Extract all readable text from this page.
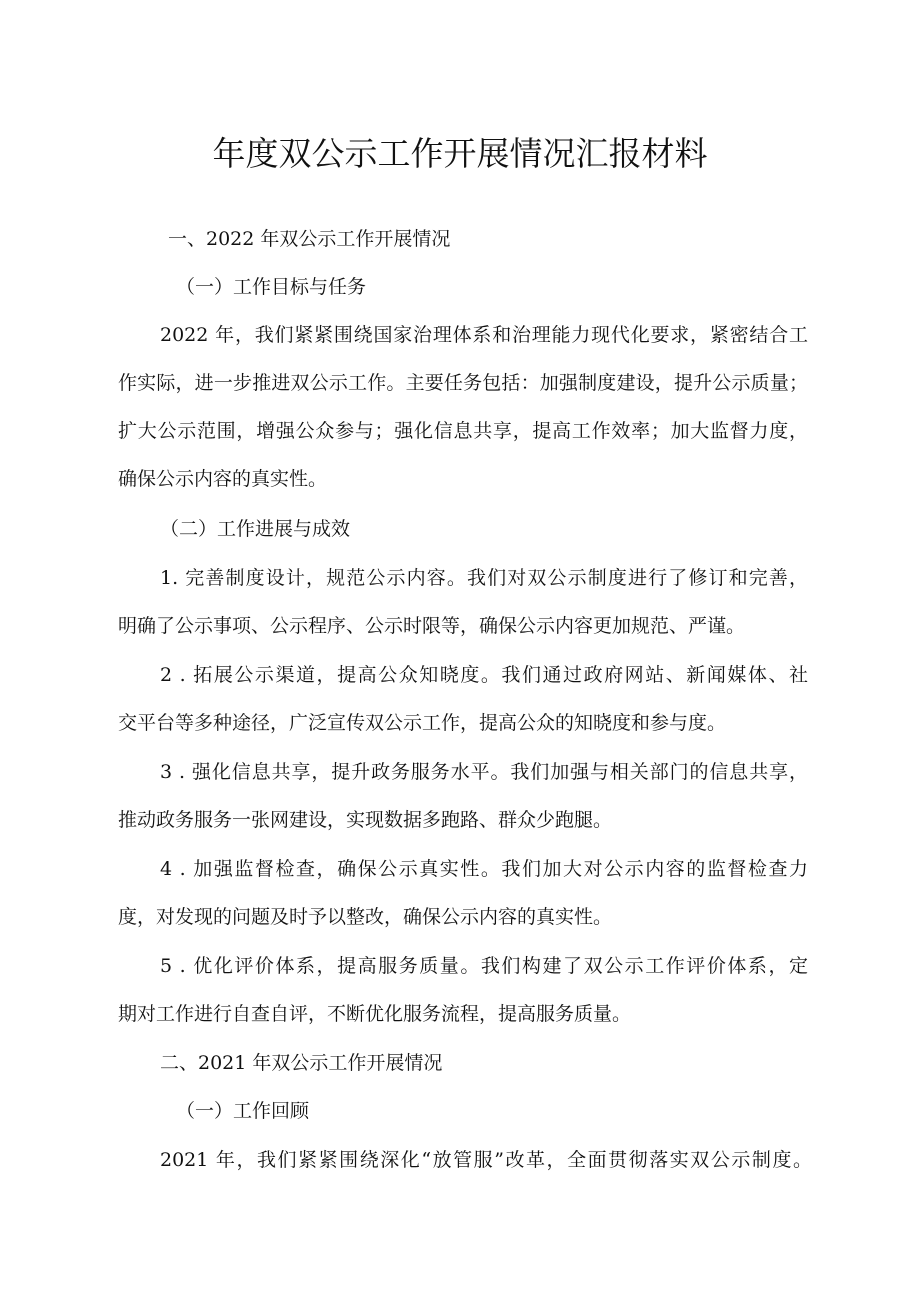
年度双公示工作开展情况汇报材料
一、2022 年双公示工作开展情况
（一）工作目标与任务
2022 年，我们紧紧围绕国家治理体系和治理能力现代化要求，紧密结合工
作实际，进一步推进双公示工作。主要任务包括：加强制度建设，提升公示质量；
扩大公示范围，增强公众参与；强化信息共享，提高工作效率；加大监督力度，
确保公示内容的真实性。
（二）工作进展与成效
1. 完善制度设计，规范公示内容。我们对双公示制度进行了修订和完善，
明确了公示事项、公示程序、公示时限等，确保公示内容更加规范、严谨。
2 . 拓展公示渠道，提高公众知晓度。我们通过政府网站、新闻媒体、社
交平台等多种途径，广泛宣传双公示工作，提高公众的知晓度和参与度。
3 . 强化信息共享，提升政务服务水平。我们加强与相关部门的信息共享，
推动政务服务一张网建设，实现数据多跑路、群众少跑腿。
4 . 加强监督检查，确保公示真实性。我们加大对公示内容的监督检查力
度，对发现的问题及时予以整改，确保公示内容的真实性。
5 . 优化评价体系，提高服务质量。我们构建了双公示工作评价体系，定
期对工作进行自查自评，不断优化服务流程，提高服务质量。
二、2021 年双公示工作开展情况
（一）工作回顾
2021 年，我们紧紧围绕深化“放管服”改革，全面贯彻落实双公示制度。
